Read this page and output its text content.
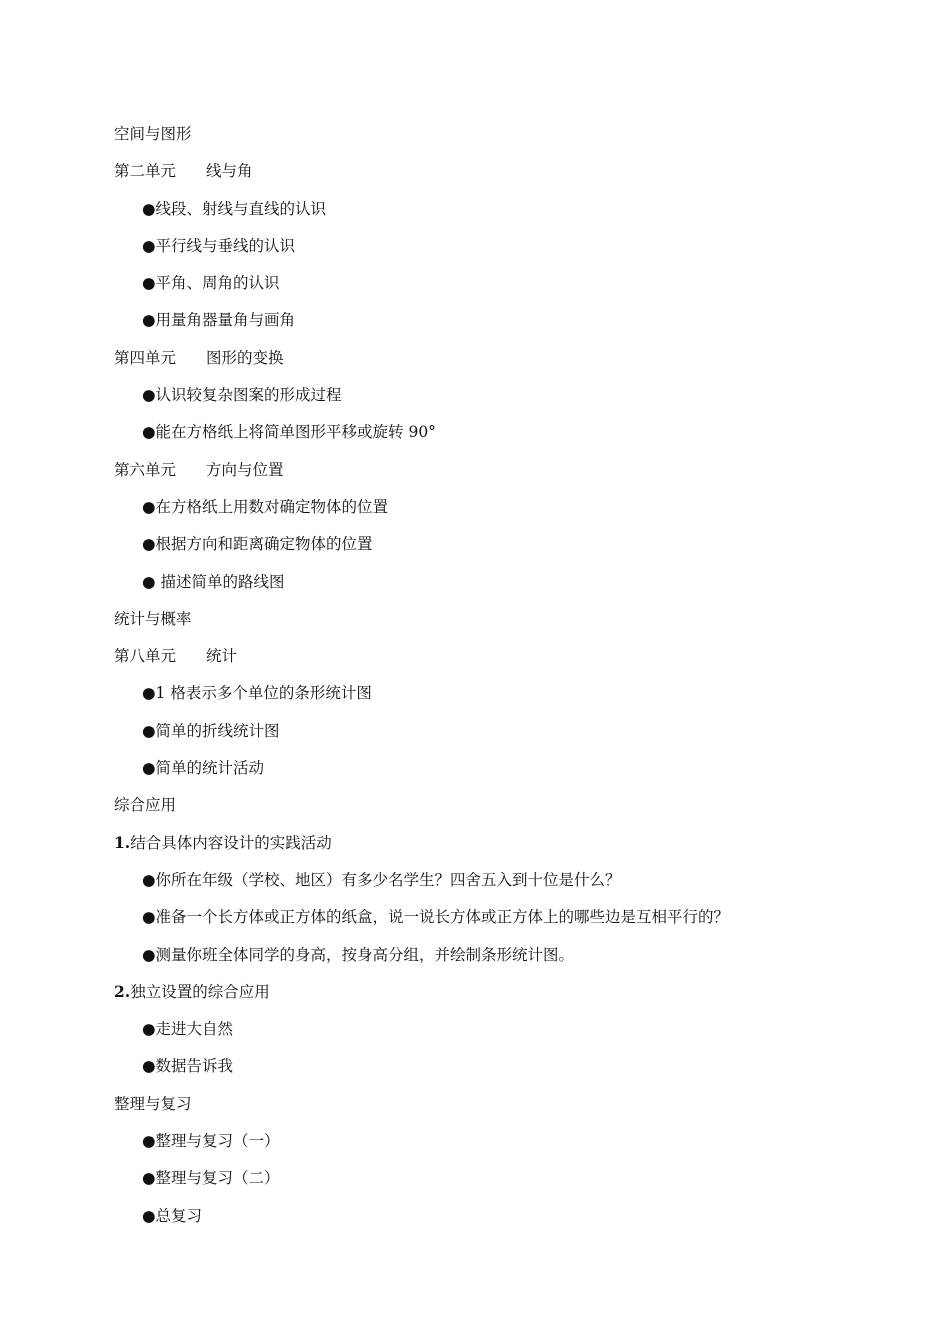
空间与图形
第二单元 线与角
●线段、射线与直线的认识
●平行线与垂线的认识
●平角、周角的认识
●用量角器量角与画角
第四单元 图形的变换
●认识较复杂图案的形成过程
●能在方格纸上将简单图形平移或旋转 90°
第六单元 方向与位置
●在方格纸上用数对确定物体的位置
●根据方向和距离确定物体的位置
● 描述简单的路线图
统计与概率
第八单元 统计
●1 格表示多个单位的条形统计图
●简单的折线统计图
●简单的统计活动
综合应用
1.结合具体内容设计的实践活动
●你所在年级（学校、地区）有多少名学生？四舍五入到十位是什么？
●准备一个长方体或正方体的纸盒，说一说长方体或正方体上的哪些边是互相平行的？
●测量你班全体同学的身高，按身高分组，并绘制条形统计图。
2.独立设置的综合应用
●走进大自然
●数据告诉我
整理与复习
●整理与复习（一）
●整理与复习（二）
●总复习
